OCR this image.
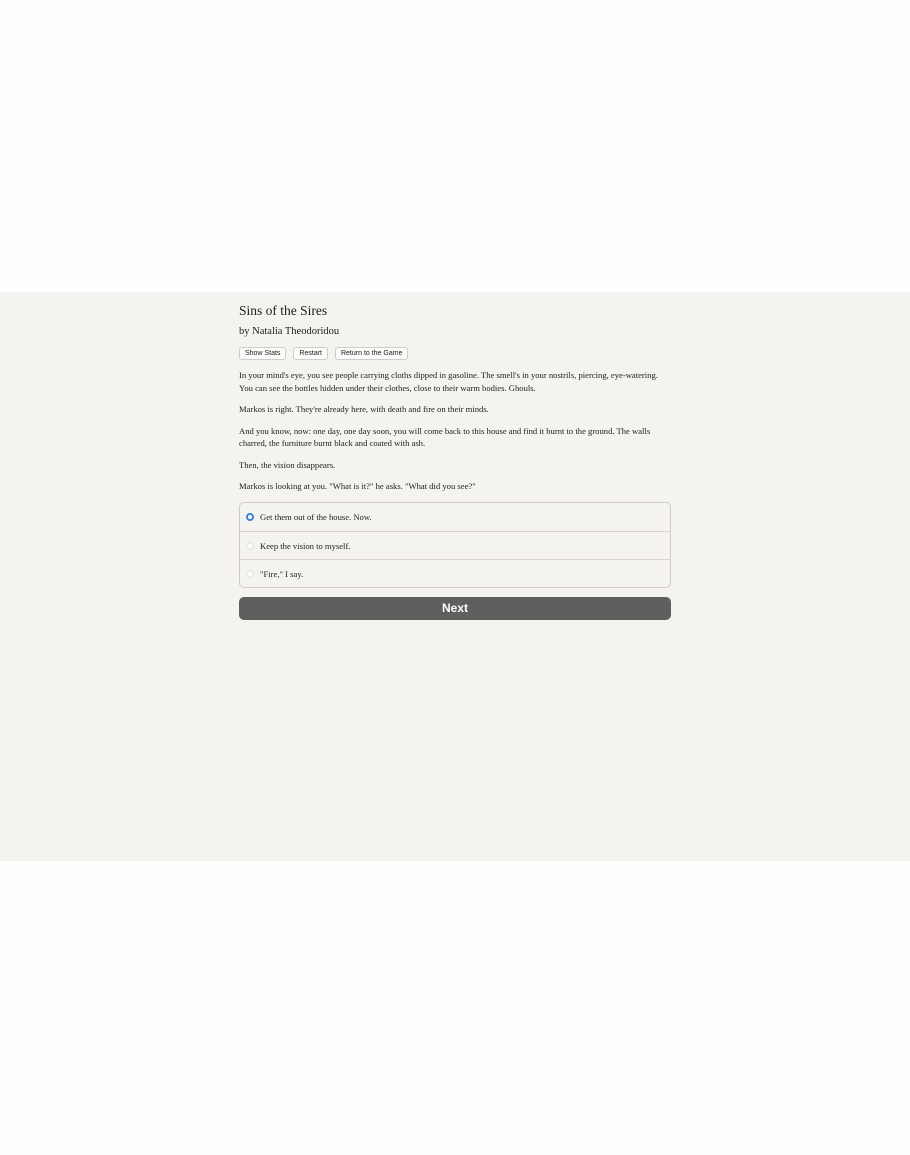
Sins of the Sires
by Natalia Theodoridou
Show Stats	Restart	Return to the Game

In your mind's eye, you see people carrying cloths dipped in gasoline. The smell's in your nostrils, piercing, eye-watering. You can see the bottles hidden under their clothes, close to their warm bodies. Ghouls.

Markos is right. They're already here, with death and fire on their minds.

And you know, now: one day, one day soon, you will come back to this house and find it burnt to the ground. The walls charred, the furniture burnt black and coated with ash.

Then, the vision disappears.

Markos is looking at you. "What is it?" he asks. "What did you see?"

Get them out of the house. Now.
Keep the vision to myself.
"Fire," I say.
Next
